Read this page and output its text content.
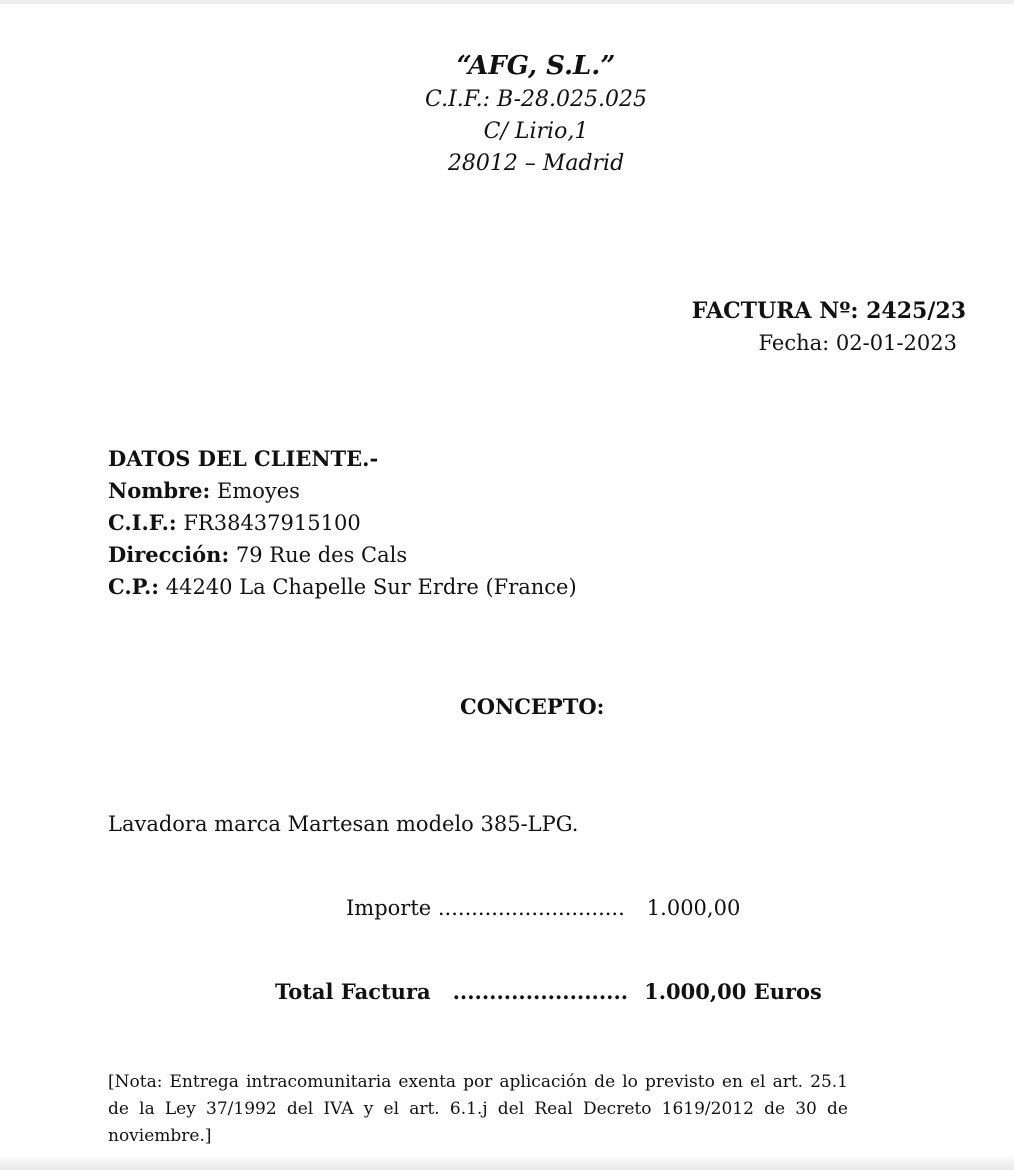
“AFG, S.L.”
C.I.F.: B-28.025.025
C/ Lirio,1
28012 – Madrid
FACTURA Nº: 2425/23
Fecha: 02-01-2023
DATOS DEL CLIENTE.-
Nombre: Emoyes
C.I.F.: FR38437915100
Dirección: 79 Rue des Cals
C.P.: 44240 La Chapelle Sur Erdre (France)
CONCEPTO:
Lavadora marca Martesan modelo 385-LPG.
Importe ............................ 1.000,00
Total Factura ........................ 1.000,00 Euros
[Nota: Entrega intracomunitaria exenta por aplicación de lo previsto en el art. 25.1 de la Ley 37/1992 del IVA y el art. 6.1.j del Real Decreto 1619/2012 de 30 de noviembre.]
